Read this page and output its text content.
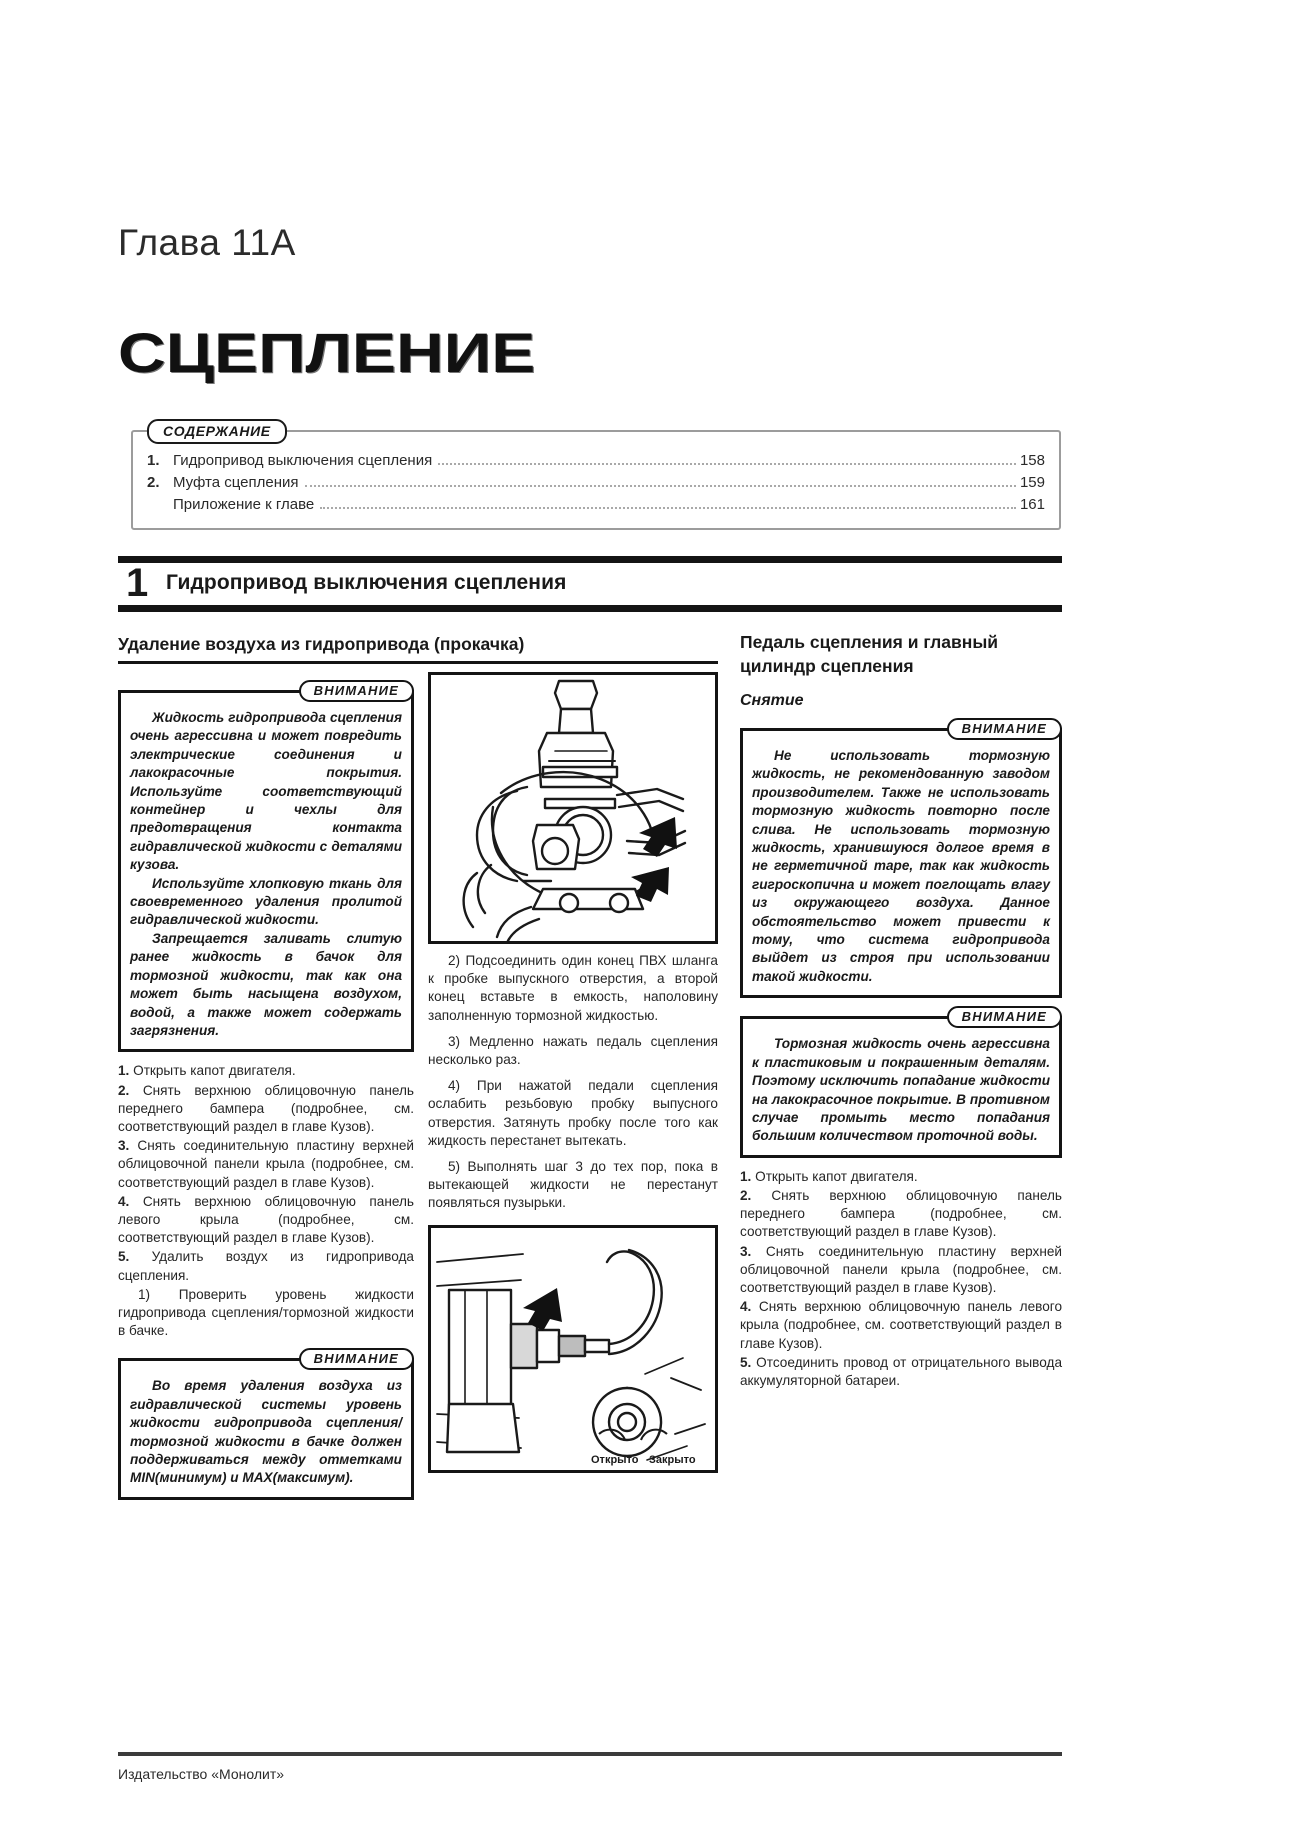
Глава 11А
СЦЕПЛЕНИЕ
СОДЕРЖАНИЕ
1. Гидропривод выключения сцепления	158
2. Муфта сцепления	159
Приложение к главе	161
1 Гидропривод выключения сцепления
Удаление воздуха из гидропривода (прокачка)
ВНИМАНИЕ

Жидкость гидропривода сцепления очень агрессивна и может повредить электрические соединения и лакокрасочные покрытия. Используйте соответствующий контейнер и чехлы для предотвращения контакта гидравлической жидкости с деталями кузова.

Используйте хлопковую ткань для своевременного удаления пролитой гидравлической жидкости.

Запрещается заливать слитую ранее жидкость в бачок для тормозной жидкости, так как она может быть насыщена воздухом, водой, а также может содержать загрязнения.

1. Открыть капот двигателя.

2. Снять верхнюю облицовочную панель переднего бампера (подробнее, см. соответствующий раздел в главе Кузов).

3. Снять соединительную пластину верхней облицовочной панели крыла (подробнее, см. соответствующий раздел в главе Кузов).

4. Снять верхнюю облицовочную панель левого крыла (подробнее, см. соответствующий раздел в главе Кузов).

5. Удалить воздух из гидропривода сцепления.

1) Проверить уровень жидкости гидропривода сцепления/тормозной жидкости в бачке.

ВНИМАНИЕ

Во время удаления воздуха из гидравлической системы уровень жидкости гидропривода сцепления/тормозной жидкости в бачке должен поддерживаться между отметками MIN(минимум) и MAX(максимум).

2) Подсоединить один конец ПВХ шланга к пробке выпускного отверстия, а второй конец вставьте в емкость, наполовину заполненную тормозной жидкостью.

3) Медленно нажать педаль сцепления несколько раз.

4) При нажатой педали сцепления ослабить резьбовую пробку выпусного отверстия. Затянуть пробку после того как жидкость перестанет вытекать.

5) Выполнять шаг 3 до тех пор, пока в вытекающей жидкости не перестанут появляться пузырьки.

Открыто Закрыто
Педаль сцепления и главный цилиндр сцепления
Снятие
ВНИМАНИЕ

Не использовать тормозную жидкость, не рекомендованную заводом производителем. Также не использовать тормозную жидкость повторно после слива. Не использовать тормозную жидкость, хранившуюся долгое время в не герметичной таре, так как жидкость гигроскопична и может поглощать влагу из окружающего воздуха. Данное обстоятельство может привести к тому, что система гидропривода выйдет из строя при использовании такой жидкости.

ВНИМАНИЕ

Тормозная жидкость очень агрессивна к пластиковым и покрашенным деталям. Поэтому исключить попадание жидкости на лакокрасочное покрытие. В противном случае промыть место попадания большим количеством проточной воды.

1. Открыть капот двигателя.

2. Снять верхнюю облицовочную панель переднего бампера (подробнее, см. соответствующий раздел в главе Кузов).

3. Снять соединительную пластину верхней облицовочной панели крыла (подробнее, см. соответствующий раздел в главе Кузов).

4. Снять верхнюю облицовочную панель левого крыла (подробнее, см. соответствующий раздел в главе Кузов).

5. Отсоединить провод от отрицательного вывода аккумуляторной батареи.

Издательство «Монолит»
